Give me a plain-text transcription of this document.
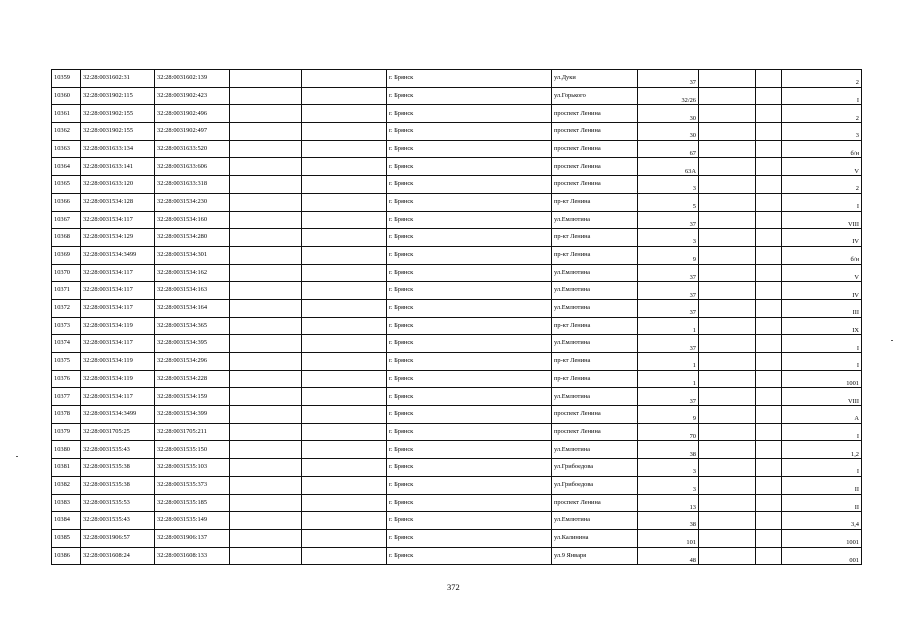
10359	32:28:0031602:31	32:28:0031602:139			г. Брянск	ул.Дуки	37			2
10360	32:28:0031902:115	32:28:0031902:423			г. Брянск	ул.Горького	32/26			I
10361	32:28:0031902:155	32:28:0031902:496			г. Брянск	проспект Ленина	30			2
10362	32:28:0031902:155	32:28:0031902:497			г. Брянск	проспект Ленина	30			3
10363	32:28:0031633:134	32:28:0031633:520			г. Брянск	проспект Ленина	67			б/н
10364	32:28:0031633:141	32:28:0031633:606			г. Брянск	проспект Ленина	63А			V
10365	32:28:0031633:120	32:28:0031633:318			г. Брянск	проспект Ленина	3			2
10366	32:28:0031534:128	32:28:0031534:230			г. Брянск	пр-кт Ленина	5			I
10367	32:28:0031534:117	32:28:0031534:160			г. Брянск	ул.Емлютина	37			VIII
10368	32:28:0031534:129	32:28:0031534:280			г. Брянск	пр-кт Ленина	3			IV
10369	32:28:0031534:3499	32:28:0031534:301			г. Брянск	пр-кт Ленина	9			б/н
10370	32:28:0031534:117	32:28:0031534:162			г. Брянск	ул.Емлютина	37			V
10371	32:28:0031534:117	32:28:0031534:163			г. Брянск	ул.Емлютина	37			IV
10372	32:28:0031534:117	32:28:0031534:164			г. Брянск	ул.Емлютина	37			III
10373	32:28:0031534:119	32:28:0031534:365			г. Брянск	пр-кт Ленина	1			IX
10374	32:28:0031534:117	32:28:0031534:395			г. Брянск	ул.Емлютина	37			I
10375	32:28:0031534:119	32:28:0031534:296			г. Брянск	пр-кт Ленина	1			I
10376	32:28:0031534:119	32:28:0031534:228			г. Брянск	пр-кт Ленина	1			1001
10377	32:28:0031534:117	32:28:0031534:159			г. Брянск	ул.Емлютина	37			VIII
10378	32:28:0031534:3499	32:28:0031534:399			г. Брянск	проспект Ленина	9			А
10379	32:28:0031705:25	32:28:0031705:211			г. Брянск	проспект Ленина	70			I
10380	32:28:0031535:43	32:28:0031535:150			г. Брянск	ул.Емлютина	38			1,2
10381	32:28:0031535:38	32:28:0031535:103			г. Брянск	ул.Грибоедова	3			I
10382	32:28:0031535:38	32:28:0031535:373			г. Брянск	ул.Грибоедова	3			II
10383	32:28:0031535:53	32:28:0031535:185			г. Брянск	проспект Ленина	13			II
10384	32:28:0031535:43	32:28:0031535:149			г. Брянск	ул.Емлютина	38			3,4
10385	32:28:0031906:57	32:28:0031906:137			г. Брянск	ул.Калинина	101			1001
10386	32:28:0031608:24	32:28:0031608:133			г. Брянск	ул.9 Января	48			001
372
